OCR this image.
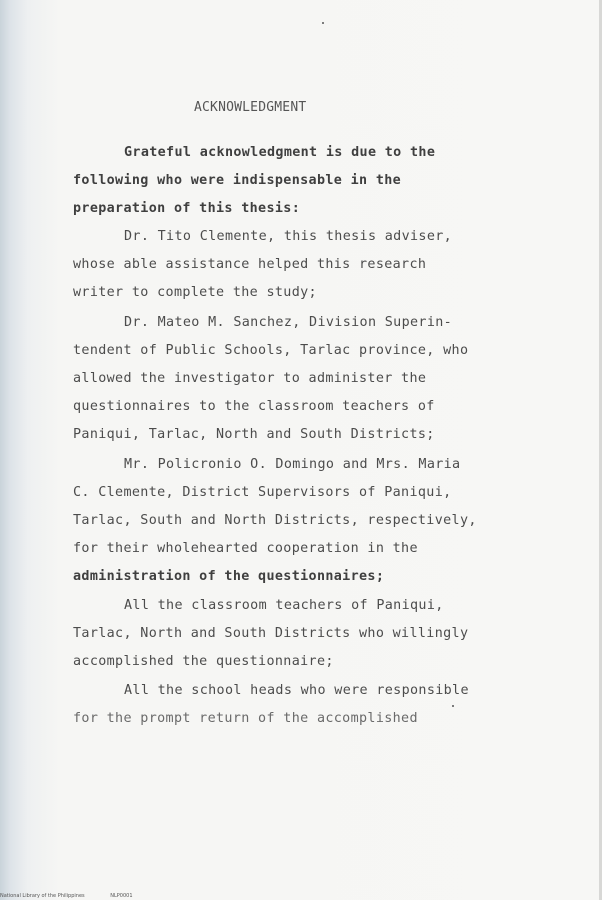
ACKNOWLEDGMENT
Grateful acknowledgment is due to the
following who were indispensable in the
preparation of this thesis:
Dr. Tito Clemente, this thesis adviser,
whose able assistance helped this research
writer to complete the study;
Dr. Mateo M. Sanchez, Division Superin-
tendent of Public Schools, Tarlac province, who
allowed the investigator to administer the
questionnaires to the classroom teachers of
Paniqui, Tarlac, North and South Districts;
Mr. Policronio O. Domingo and Mrs. Maria
C. Clemente, District Supervisors of Paniqui,
Tarlac, South and North Districts, respectively,
for their wholehearted cooperation in the
administration of the questionnaires;
All the classroom teachers of Paniqui,
Tarlac, North and South Districts who willingly
accomplished the questionnaire;
All the school heads who were responsible
for the prompt return of the accomplished
National Library of the Philippines	NLP0001
